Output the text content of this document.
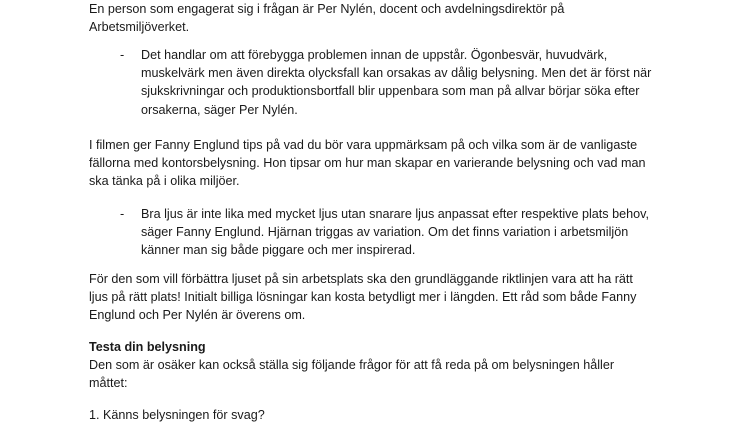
En person som engagerat sig i frågan är Per Nylén, docent och avdelningsdirektör på
Arbetsmiljöverket.
-	Det handlar om att förebygga problemen innan de uppstår. Ögonbesvär, huvudvärk,
muskelvärk men även direkta olycksfall kan orsakas av dålig belysning. Men det är först när
sjukskrivningar och produktionsbortfall blir uppenbara som man på allvar börjar söka efter
orsakerna, säger Per Nylén.
I filmen ger Fanny Englund tips på vad du bör vara uppmärksam på och vilka som är de vanligaste
fällorna med kontorsbelysning. Hon tipsar om hur man skapar en varierande belysning och vad man
ska tänka på i olika miljöer.
-	Bra ljus är inte lika med mycket ljus utan snarare ljus anpassat efter respektive plats behov,
säger Fanny Englund. Hjärnan triggas av variation. Om det finns variation i arbetsmiljön
känner man sig både piggare och mer inspirerad.
För den som vill förbättra ljuset på sin arbetsplats ska den grundläggande riktlinjen vara att ha rätt
ljus på rätt plats! Initialt billiga lösningar kan kosta betydligt mer i längden. Ett råd som både Fanny
Englund och Per Nylén är överens om.
Testa din belysning
Den som är osäker kan också ställa sig följande frågor för att få reda på om belysningen håller
måttet:
1. Känns belysningen för svag?
